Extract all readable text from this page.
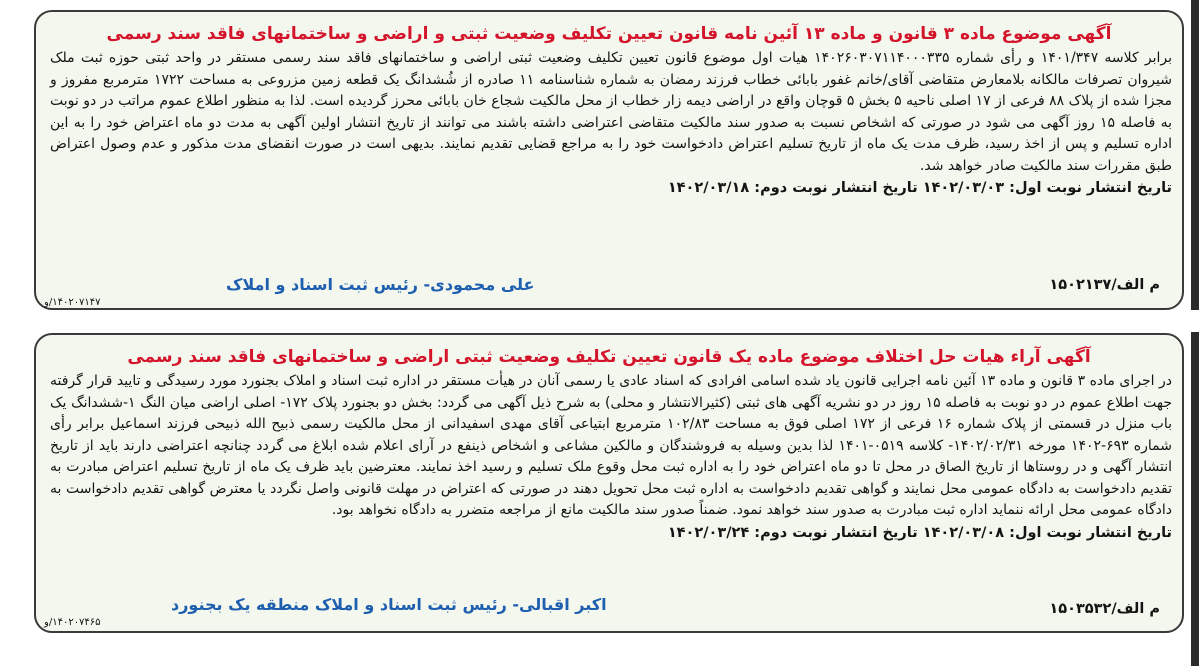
آگهی موضوع ماده ۳ قانون و ماده ۱۳ آئین نامه قانون تعیین تکلیف وضعیت ثبتی و اراضی و ساختمانهای فاقد سند رسمی
برابر کلاسه ۱۴۰۱/۳۴۷ و رأی شماره ۱۴۰۲۶۰۳۰۷۱۱۴۰۰۰۳۳۵ هیات اول موضوع قانون تعیین تکلیف وضعیت ثبتی اراضی و ساختمانهای فاقد سند رسمی مستقر در واحد ثبتی حوزه ثبت ملک شیروان تصرفات مالکانه بلامعارض متقاضی آقای/خانم غفور بابائی خطاب فرزند رمضان به شماره شناسنامه ۱۱ صادره از شُشدانگ یک قطعه زمین مزروعی به مساحت ۱۷۲۲ مترمربع مفروز و مجزا شده از پلاک ۸۸ فرعی از ۱۷ اصلی ناحیه ۵ بخش ۵ قوچان واقع در اراضی دیمه زار خطاب از محل مالکیت شجاع خان بابائی محرز گردیده است. لذا به منظور اطلاع عموم مراتب در دو نوبت به فاصله ۱۵ روز آگهی می شود در صورتی که اشخاص نسبت به صدور سند مالکیت متقاضی اعتراضی داشته باشند می توانند از تاریخ انتشار اولین آگهی به مدت دو ماه اعتراض خود را به این اداره تسلیم و پس از اخذ رسید، ظرف مدت یک ماه از تاریخ تسلیم اعتراض دادخواست خود را به مراجع قضایی تقدیم نمایند. بدیهی است در صورت انقضای مدت مذکور و عدم وصول اعتراض طبق مقررات سند مالکیت صادر خواهد شد.
تاریخ انتشار نوبت اول: ۱۴۰۲/۰۳/۰۳ تاریخ انتشار نوبت دوم: ۱۴۰۲/۰۳/۱۸
م الف/۱۵۰۲۱۳۷
علی محمودی- رئیس ثبت اسناد و املاک
۱۴۰۲۰۷۱۴۷/و
آگهی آراء هیات حل اختلاف موضوع ماده یک قانون تعیین تکلیف وضعیت ثبتی اراضی و ساختمانهای فاقد سند رسمی
در اجرای ماده ۳ قانون و ماده ۱۳ آئین نامه اجرایی قانون یاد شده اسامی افرادی که اسناد عادی یا رسمی آنان در هیأت مستقر در اداره ثبت اسناد و املاک بجنورد مورد رسیدگی و تایید قرار گرفته جهت اطلاع عموم در دو نوبت به فاصله ۱۵ روز در دو نشریه آگهی های ثبتی (کثیرالانتشار و محلی) به شرح ذیل آگهی می گردد: بخش دو بجنورد پلاک ۱۷۲- اصلی اراضی میان النگ ۱-ششدانگ یک باب منزل در قسمتی از پلاک شماره ۱۶ فرعی از ۱۷۲ اصلی فوق به مساحت ۱۰۲/۸۳ مترمربع ابتیاعی آقای مهدی اسفیدانی از محل مالکیت رسمی ذبیح الله ذبیحی فرزند اسماعیل برابر رأی شماره ۶۹۳-۱۴۰۲ مورخه ۱۴۰۲/۰۲/۳۱- کلاسه ۰۵۱۹-۱۴۰۱ لذا بدین وسیله به فروشندگان و مالکین مشاعی و اشخاص ذینفع در آرای اعلام شده ابلاغ می گردد چنانچه اعتراضی دارند باید از تاریخ انتشار آگهی و در روستاها از تاریخ الصاق در محل تا دو ماه اعتراض خود را به اداره ثبت محل وقوع ملک تسلیم و رسید اخذ نمایند. معترضین باید ظرف یک ماه از تاریخ تسلیم اعتراض مبادرت به تقدیم دادخواست به دادگاه عمومی محل نمایند و گواهی تقدیم دادخواست به اداره ثبت محل تحویل دهند در صورتی که اعتراض در مهلت قانونی واصل نگردد یا معترض گواهی تقدیم دادخواست به دادگاه عمومی محل ارائه ننماید اداره ثبت مبادرت به صدور سند خواهد نمود. ضمناً صدور سند مالکیت مانع از مراجعه متضرر به دادگاه نخواهد بود.
تاریخ انتشار نوبت اول: ۱۴۰۲/۰۳/۰۸ تاریخ انتشار نوبت دوم: ۱۴۰۲/۰۳/۲۴
م الف/۱۵۰۳۵۳۲
اکبر اقبالی- رئیس ثبت اسناد و املاک منطقه یک بجنورد
۱۴۰۲۰۷۴۶۵/و
